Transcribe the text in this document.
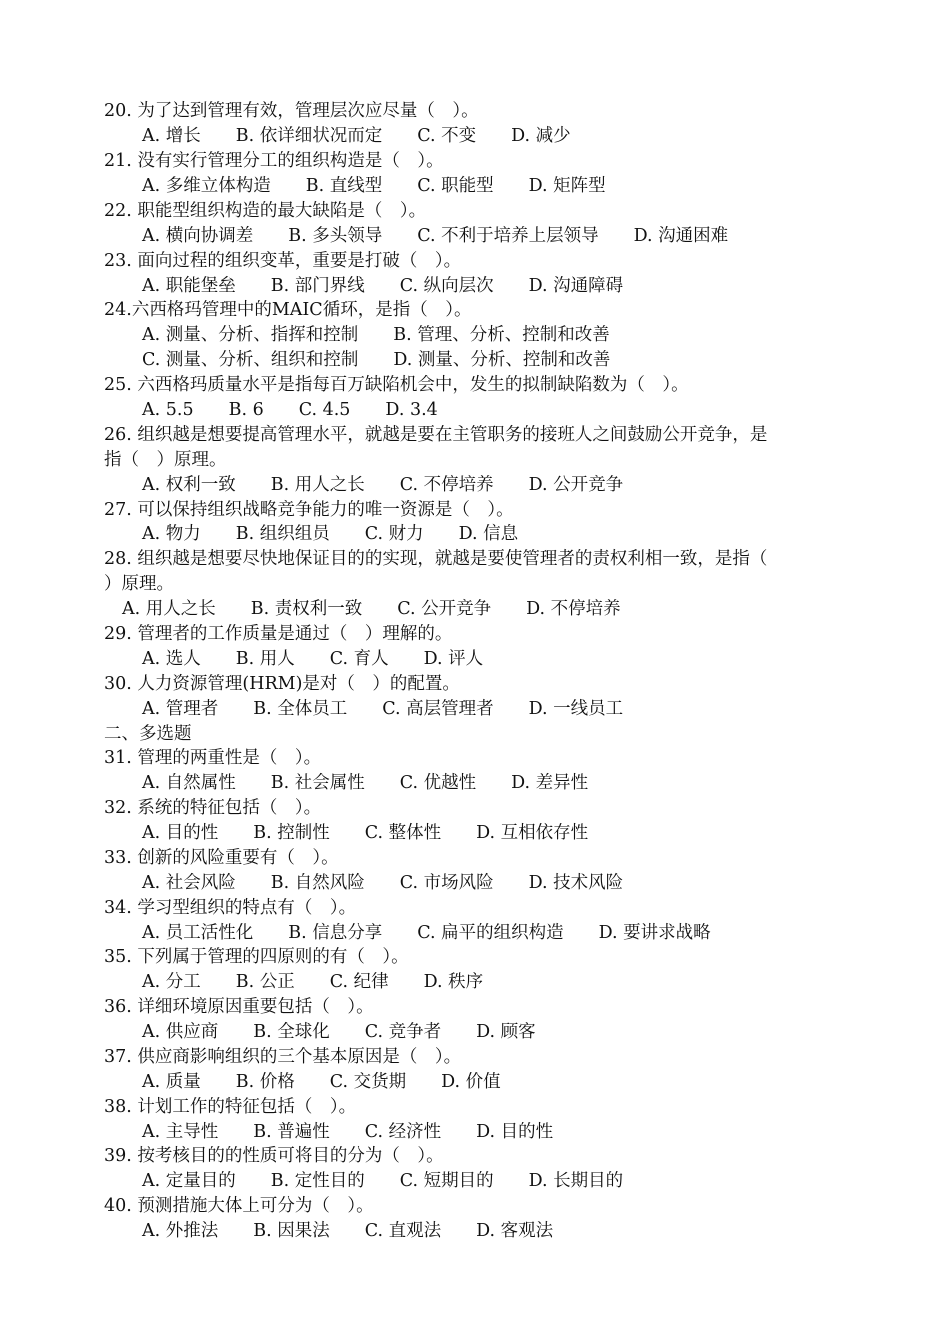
20. 为了达到管理有效，管理层次应尽量（　）。
A. 增长　　B. 依详细状况而定　　C. 不变　　D. 减少
21. 没有实行管理分工的组织构造是（　）。
A. 多维立体构造　　B. 直线型　　C. 职能型　　D. 矩阵型
22. 职能型组织构造的最大缺陷是（　）。
A. 横向协调差　　B. 多头领导　　C. 不利于培养上层领导　　D. 沟通困难
23. 面向过程的组织变革，重要是打破（　）。
A. 职能堡垒　　B. 部门界线　　C. 纵向层次　　D. 沟通障碍
24.六西格玛管理中的MAIC循环，是指（　）。
A. 测量、分析、指挥和控制　　B. 管理、分析、控制和改善
C. 测量、分析、组织和控制　　D. 测量、分析、控制和改善
25. 六西格玛质量水平是指每百万缺陷机会中，发生的拟制缺陷数为（　）。
A. 5.5　　B. 6　　C. 4.5　　D. 3.4
26. 组织越是想要提高管理水平，就越是要在主管职务的接班人之间鼓励公开竞争，是
指（　）原理。
A. 权利一致　　B. 用人之长　　C. 不停培养　　D. 公开竞争
27. 可以保持组织战略竞争能力的唯一资源是（　）。
A. 物力　　B. 组织组员　　C. 财力　　D. 信息
28. 组织越是想要尽快地保证目的的实现，就越是要使管理者的责权利相一致，是指（
）原理。
A. 用人之长　　B. 责权利一致　　C. 公开竞争　　D. 不停培养
29. 管理者的工作质量是通过（　）理解的。
A. 选人　　B. 用人　　C. 育人　　D. 评人
30. 人力资源管理(HRM)是对（　）的配置。
A. 管理者　　B. 全体员工　　C. 高层管理者　　D. 一线员工
二、多选题
31. 管理的两重性是（　）。
A. 自然属性　　B. 社会属性　　C. 优越性　　D. 差异性
32. 系统的特征包括（　）。
A. 目的性　　B. 控制性　　C. 整体性　　D. 互相依存性
33. 创新的风险重要有（　）。
A. 社会风险　　B. 自然风险　　C. 市场风险　　D. 技术风险
34. 学习型组织的特点有（　）。
A. 员工活性化　　B. 信息分享　　C. 扁平的组织构造　　D. 要讲求战略
35. 下列属于管理的四原则的有（　）。
A. 分工　　B. 公正　　C. 纪律　　D. 秩序
36. 详细环境原因重要包括（　）。
A. 供应商　　B. 全球化　　C. 竞争者　　D. 顾客
37. 供应商影响组织的三个基本原因是（　）。
A. 质量　　B. 价格　　C. 交货期　　D. 价值
38. 计划工作的特征包括（　）。
A. 主导性　　B. 普遍性　　C. 经济性　　D. 目的性
39. 按考核目的的性质可将目的分为（　）。
A. 定量目的　　B. 定性目的　　C. 短期目的　　D. 长期目的
40. 预测措施大体上可分为（　）。
A. 外推法　　B. 因果法　　C. 直观法　　D. 客观法
